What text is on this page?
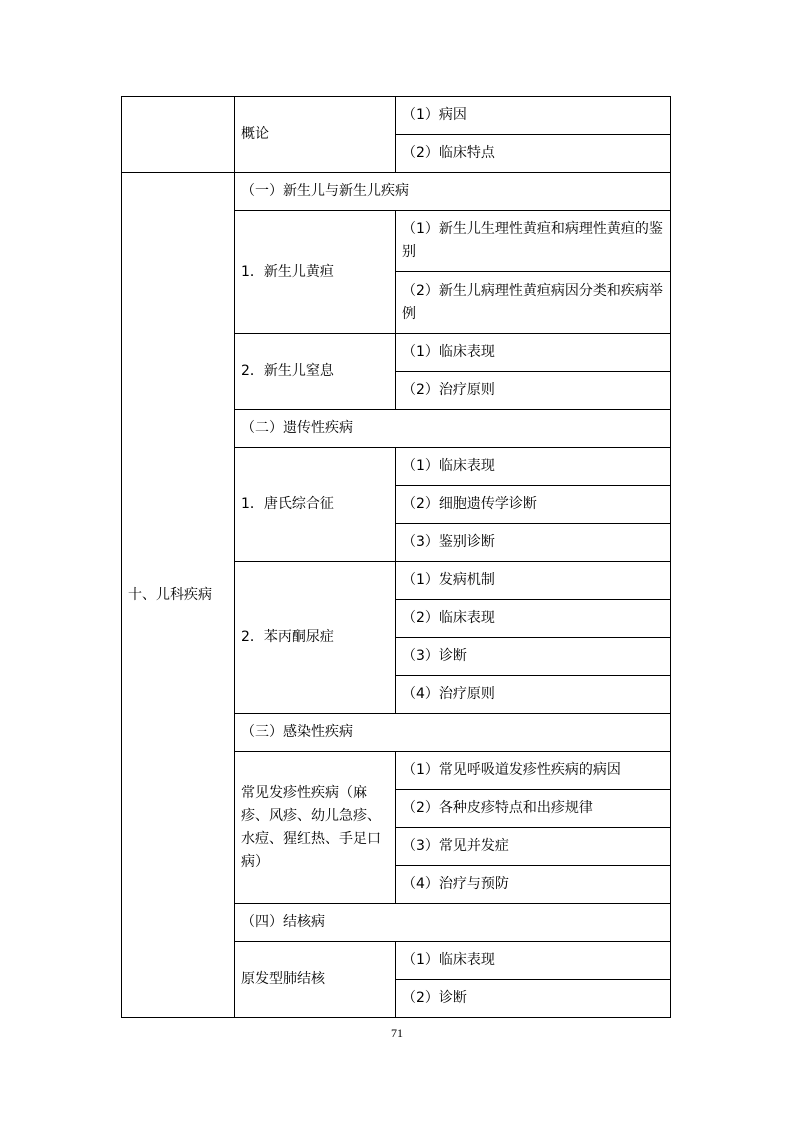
	概论	（1）病因
		（2）临床特点
十、儿科疾病	（一）新生儿与新生儿疾病	
	1．新生儿黄疸	（1）新生儿生理性黄疸和病理性黄疸的鉴别
		（2）新生儿病理性黄疸病因分类和疾病举例
	2．新生儿窒息	（1）临床表现
		（2）治疗原则
	（二）遗传性疾病	
	1．唐氏综合征	（1）临床表现
		（2）细胞遗传学诊断
		（3）鉴别诊断
	2．苯丙酮尿症	（1）发病机制
		（2）临床表现
		（3）诊断
		（4）治疗原则
	（三）感染性疾病	
	常见发疹性疾病（麻疹、风疹、幼儿急疹、水痘、猩红热、手足口病）	（1）常见呼吸道发疹性疾病的病因
		（2）各种皮疹特点和出疹规律
		（3）常见并发症
		（4）治疗与预防
	（四）结核病	
	原发型肺结核	（1）临床表现
		（2）诊断
71
